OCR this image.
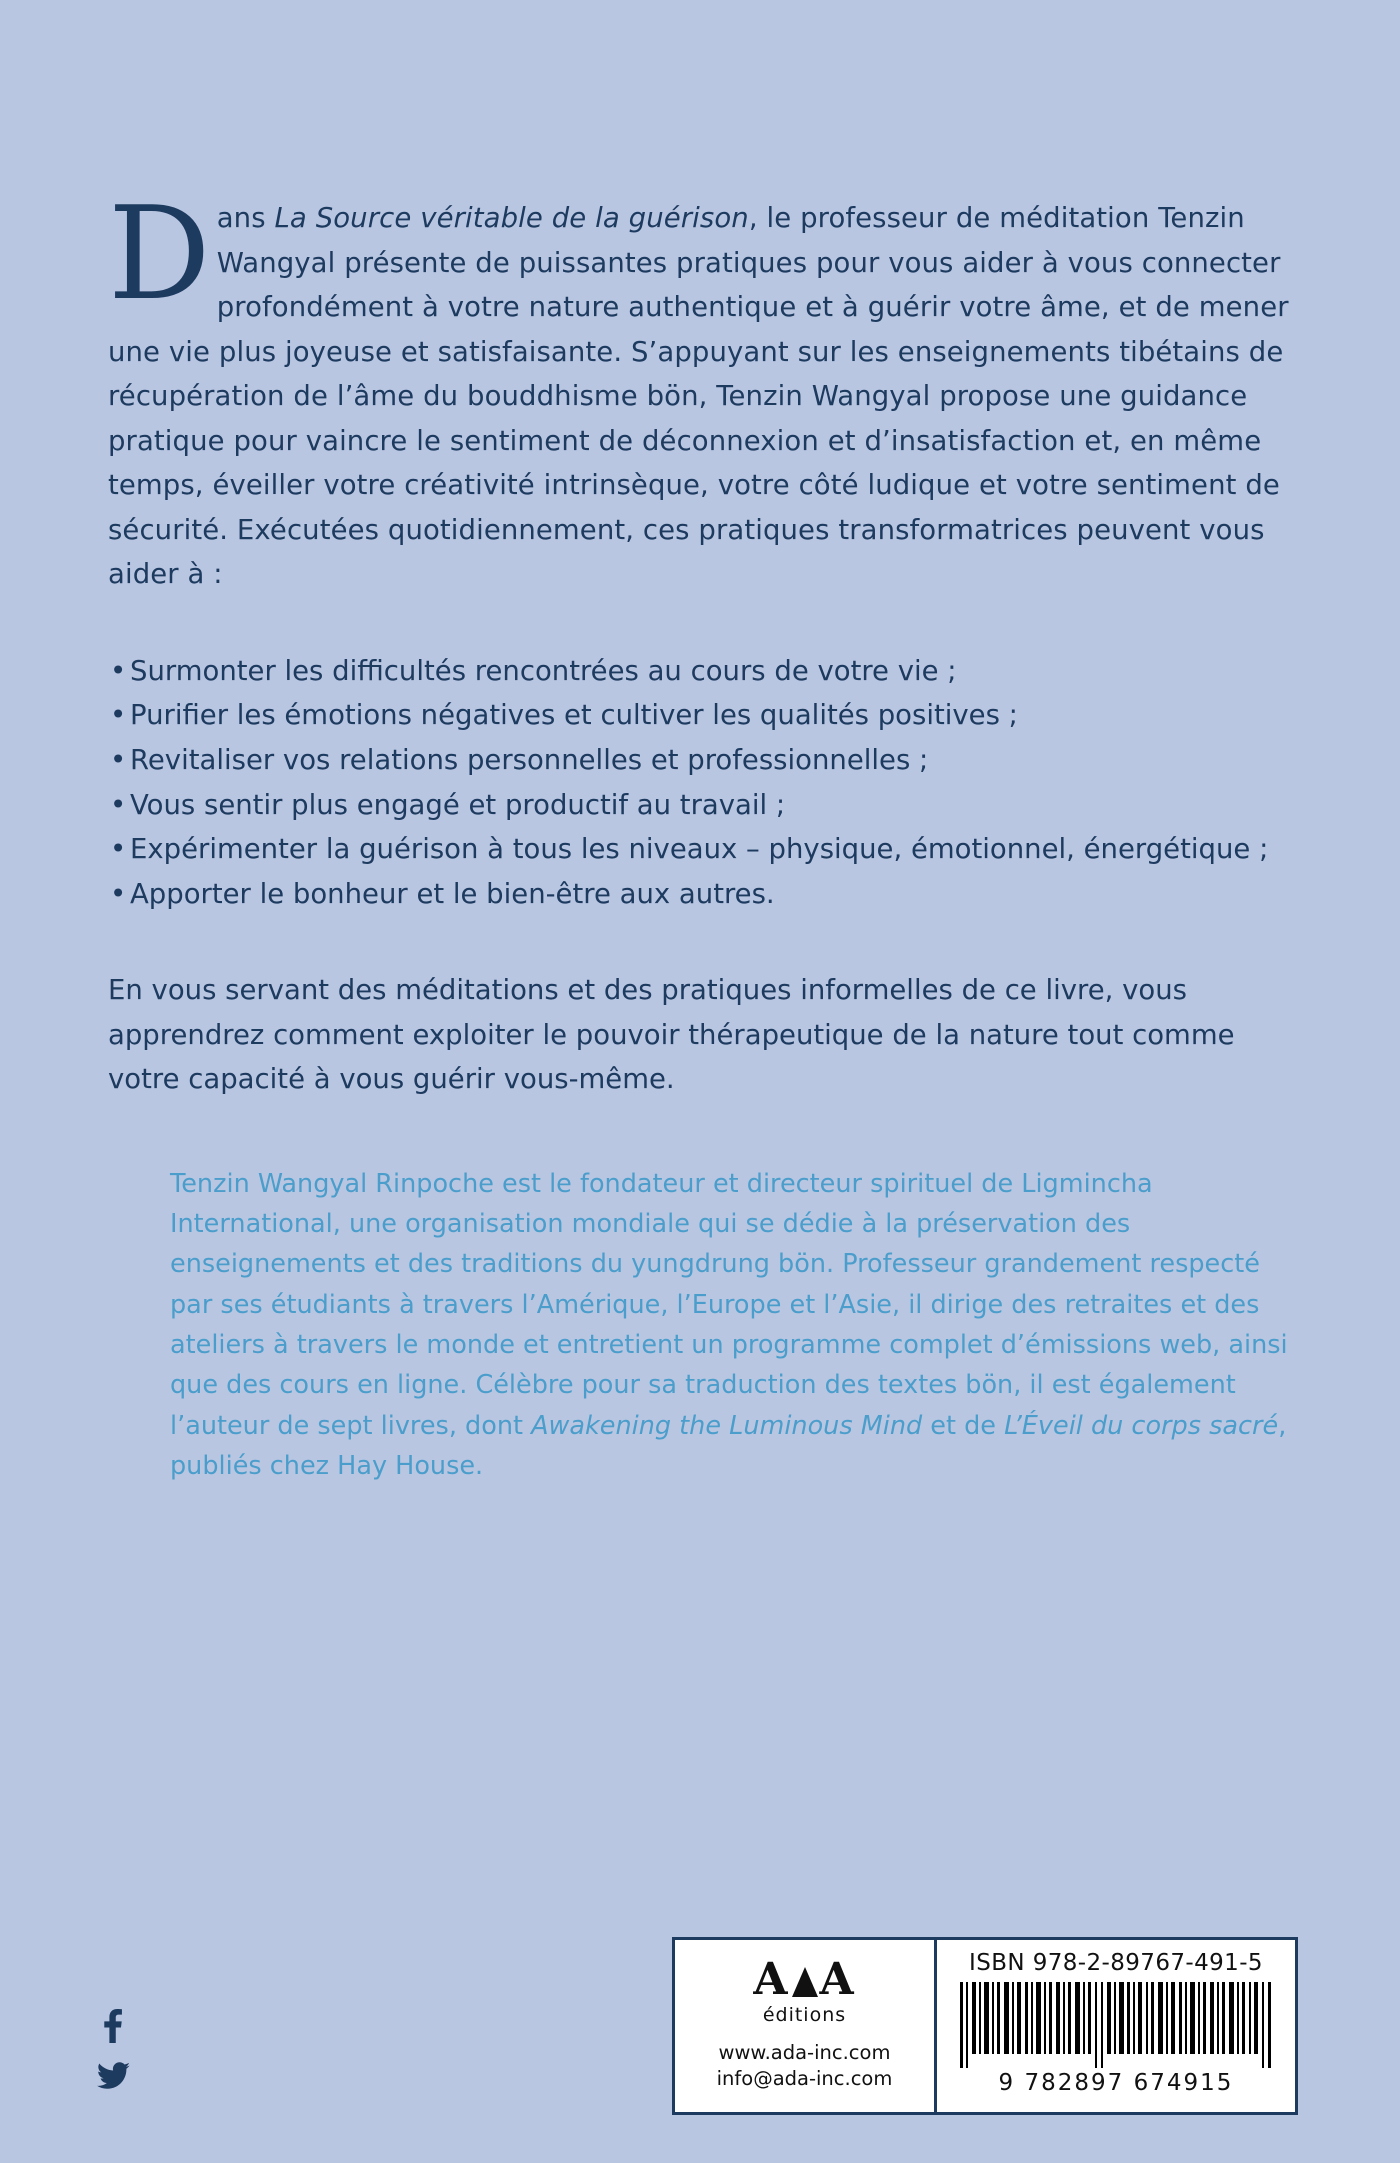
Dans La Source véritable de la guérison, le professeur de méditation Tenzin Wangyal présente de puissantes pratiques pour vous aider à vous connecter profondément à votre nature authentique et à guérir votre âme, et de mener une vie plus joyeuse et satisfaisante. S’appuyant sur les enseignements tibétains de récupération de l’âme du bouddhisme bön, Tenzin Wangyal propose une guidance pratique pour vaincre le sentiment de déconnexion et d’insatisfaction et, en même temps, éveiller votre créativité intrinsèque, votre côté ludique et votre sentiment de sécurité. Exécutées quotidiennement, ces pratiques transformatrices peuvent vous aider à :
• Surmonter les difficultés rencontrées au cours de votre vie ;
• Purifier les émotions négatives et cultiver les qualités positives ;
• Revitaliser vos relations personnelles et professionnelles ;
• Vous sentir plus engagé et productif au travail ;
• Expérimenter la guérison à tous les niveaux – physique, émotionnel, énergétique ;
• Apporter le bonheur et le bien-être aux autres.

En vous servant des méditations et des pratiques informelles de ce livre, vous apprendrez comment exploiter le pouvoir thérapeutique de la nature tout comme votre capacité à vous guérir vous-même.

Tenzin Wangyal Rinpoche est le fondateur et directeur spirituel de Ligmincha International, une organisation mondiale qui se dédie à la préservation des enseignements et des traditions du yungdrung bön. Professeur grandement respecté par ses étudiants à travers l’Amérique, l’Europe et l’Asie, il dirige des retraites et des ateliers à travers le monde et entretient un programme complet d’émissions web, ainsi que des cours en ligne. Célèbre pour sa traduction des textes bön, il est également l’auteur de sept livres, dont Awakening the Luminous Mind et de L’Éveil du corps sacré, publiés chez Hay House.

A A
éditions
www.ada-inc.com
info@ada-inc.com
ISBN 978-2-89767-491-5
9 782897 674915
